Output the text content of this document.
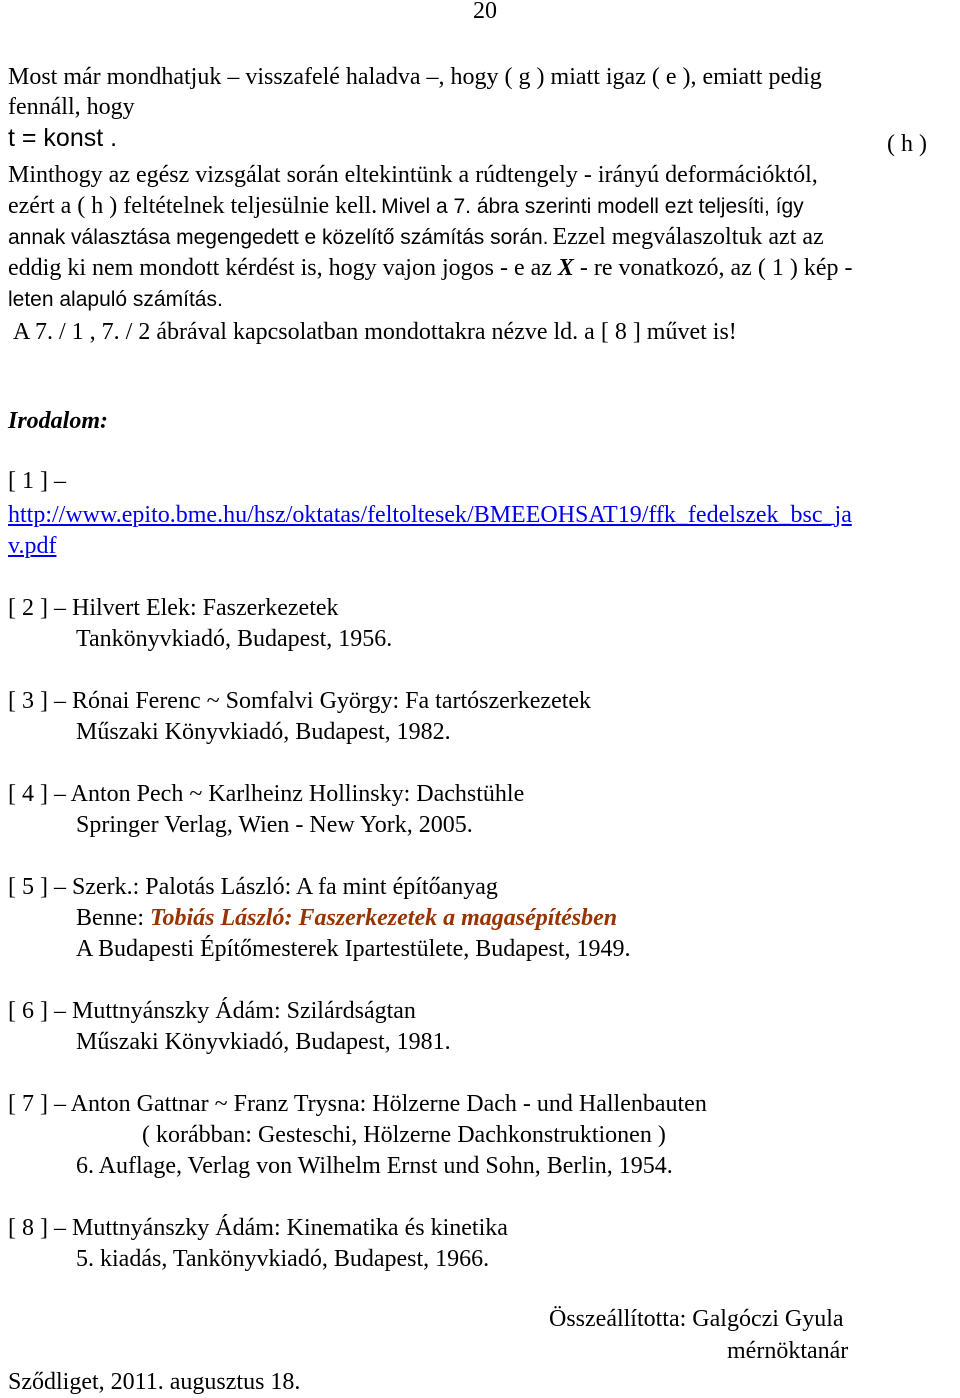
20
Most már mondhatjuk – visszafelé haladva –, hogy ( g ) miatt igaz ( e ), emiatt pedig
fennáll, hogy
t = konst .	( h )
Minthogy az egész vizsgálat során eltekintünk a rúdtengely - irányú deformációktól,
ezért a ( h ) feltételnek teljesülnie kell. Mivel a 7. ábra szerinti modell ezt teljesíti, így
annak választása megengedett e közelítő számítás során. Ezzel megválaszoltuk azt az
eddig ki nem mondott kérdést is, hogy vajon jogos - e az X - re vonatkozó, az ( 1 ) kép -
leten alapuló számítás.
A 7. / 1 , 7. / 2 ábrával kapcsolatban mondottakra nézve ld. a [ 8 ] művet is!
Irodalom:
[ 1 ] –
http://www.epito.bme.hu/hsz/oktatas/feltoltesek/BMEEOHSAT19/ffk_fedelszek_bsc_ja
v.pdf
[ 2 ] – Hilvert Elek: Faszerkezetek
Tankönyvkiadó, Budapest, 1956.
[ 3 ] – Rónai Ferenc ~ Somfalvi György: Fa tartószerkezetek
Műszaki Könyvkiadó, Budapest, 1982.
[ 4 ] – Anton Pech ~ Karlheinz Hollinsky: Dachstühle
Springer Verlag, Wien - New York, 2005.
[ 5 ] – Szerk.: Palotás László: A fa mint építőanyag
Benne: Tobiás László: Faszerkezetek a magasépítésben
A Budapesti Építőmesterek Ipartestülete, Budapest, 1949.
[ 6 ] – Muttnyánszky Ádám: Szilárdságtan
Műszaki Könyvkiadó, Budapest, 1981.
[ 7 ] – Anton Gattnar ~ Franz Trysna: Hölzerne Dach - und Hallenbauten
( korábban: Gesteschi, Hölzerne Dachkonstruktionen )
6. Auflage, Verlag von Wilhelm Ernst und Sohn, Berlin, 1954.
[ 8 ] – Muttnyánszky Ádám: Kinematika és kinetika
5. kiadás, Tankönyvkiadó, Budapest, 1966.
Összeállította: Galgóczi Gyula
mérnöktanár
Sződliget, 2011. augusztus 18.
